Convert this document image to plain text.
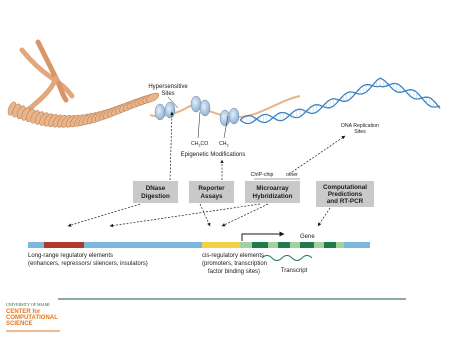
Hypersensitive
Sites
$CH_3CO$ $CH_3$
Epigenetic Modifications
DNA Replication
Sites
ChIP-chip other
DNase
Digestion
Reporter
Assays
Microarray
Hybridization
Computational
Predictions
and RT-PCR
Gene
Transcript
Long-range regulatory elements
(enhancers, repressors/ silencers, insulators)
cis-regulatory elements
(promoters, transcription
factor binding sites)
UNIVERSITY OF MIAMI
CENTER for
COMPUTATIONAL
SCIENCE
